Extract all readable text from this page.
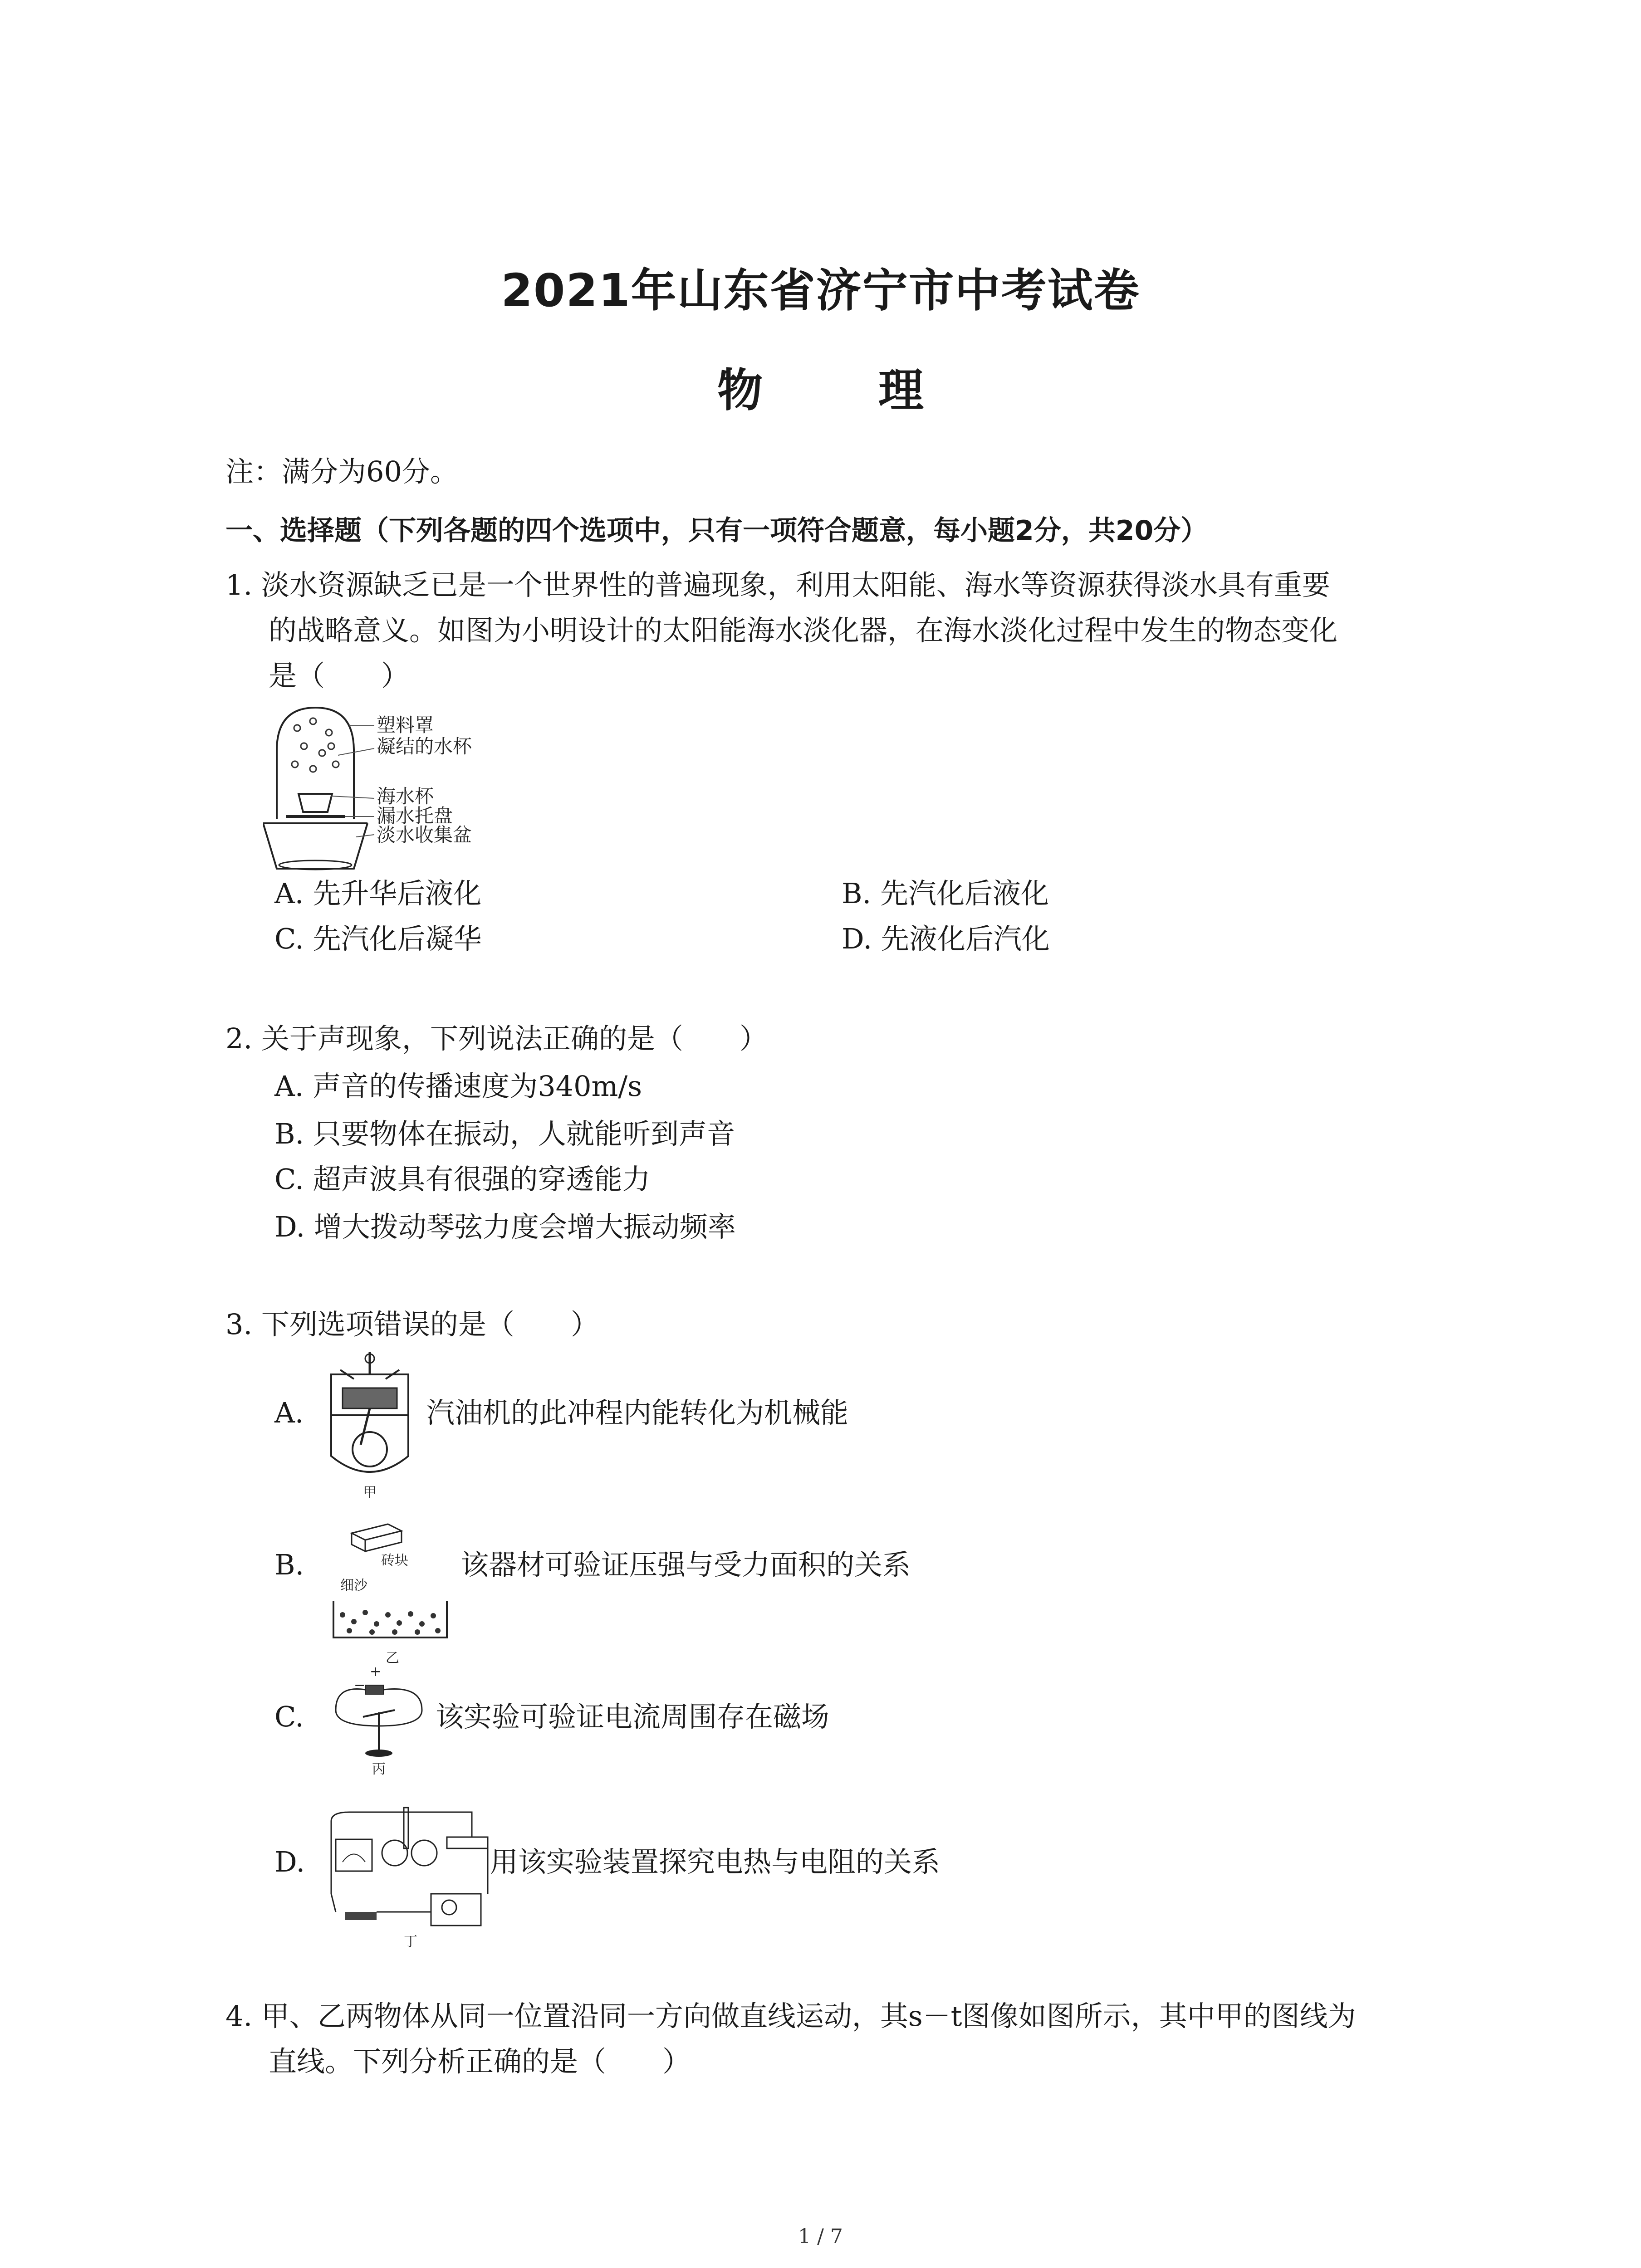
2021年山东省济宁市中考试卷
物 理
注：满分为60分。
一、选择题（下列各题的四个选项中，只有一项符合题意，每小题2分，共20分）
1. 淡水资源缺乏已是一个世界性的普遍现象，利用太阳能、海水等资源获得淡水具有重要
的战略意义。如图为小明设计的太阳能海水淡化器，在海水淡化过程中发生的物态变化
是（　　）
塑料罩
凝结的水杯
海水杯
漏水托盘
淡水收集盆
A. 先升华后液化	B. 先汽化后液化
C. 先汽化后凝华	D. 先液化后汽化
2. 关于声现象，下列说法正确的是（　　）
A. 声音的传播速度为340m/s
B. 只要物体在振动，人就能听到声音
C. 超声波具有很强的穿透能力
D. 增大拨动琴弦力度会增大振动频率
3. 下列选项错误的是（　　）
A.
甲
汽油机的此冲程内能转化为机械能
B.	砖块
细沙
乙
该器材可验证压强与受力面积的关系
C.
+
−
丙
该实验可验证电流周围存在磁场
D.
丁
用该实验装置探究电热与电阻的关系
4. 甲、乙两物体从同一位置沿同一方向做直线运动，其s－t图像如图所示，其中甲的图线为
直线。下列分析正确的是（　　）
1 / 7
